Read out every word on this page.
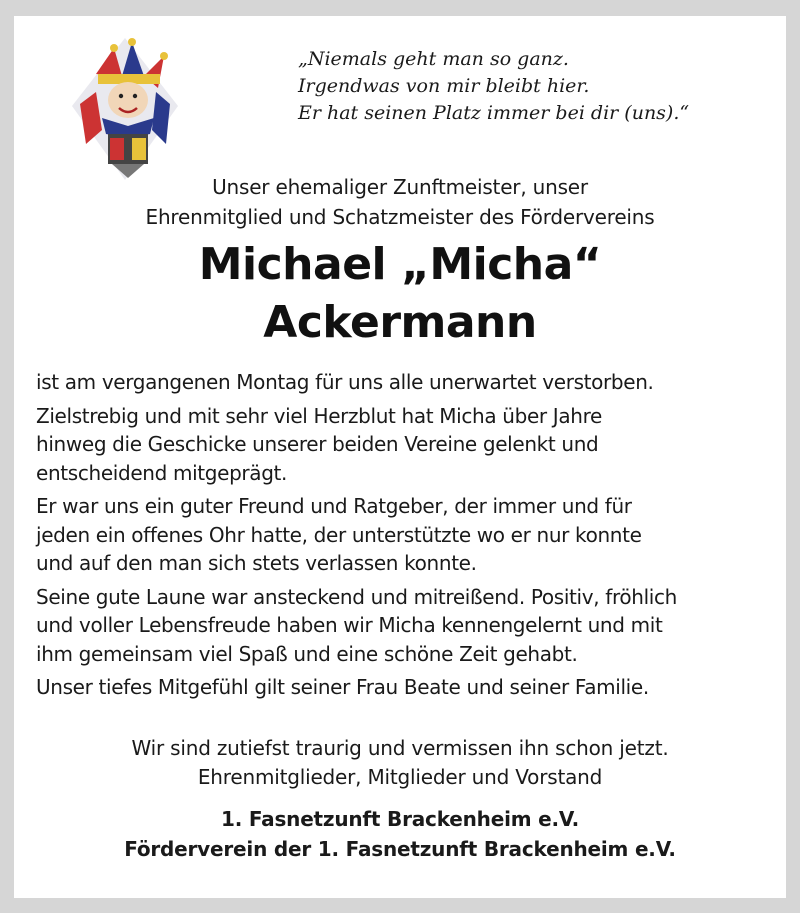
„Niemals geht man so ganz.
Irgendwas von mir bleibt hier.
Er hat seinen Platz immer bei dir (uns).“
Unser ehemaliger Zunftmeister, unser
Ehrenmitglied und Schatzmeister des Fördervereins
Michael „Micha“
Ackermann

ist am vergangenen Montag für uns alle unerwartet verstorben.

Zielstrebig und mit sehr viel Herzblut hat Micha über Jahre
hinweg die Geschicke unserer beiden Vereine gelenkt und
entscheidend mitgeprägt.

Er war uns ein guter Freund und Ratgeber, der immer und für
jeden ein offenes Ohr hatte, der unterstützte wo er nur konnte
und auf den man sich stets verlassen konnte.

Seine gute Laune war ansteckend und mitreißend. Positiv, fröhlich
und voller Lebensfreude haben wir Micha kennengelernt und mit
ihm gemeinsam viel Spaß und eine schöne Zeit gehabt.

Unser tiefes Mitgefühl gilt seiner Frau Beate und seiner Familie.

Wir sind zutiefst traurig und vermissen ihn schon jetzt.
Ehrenmitglieder, Mitglieder und Vorstand
1. Fasnetzunft Brackenheim e.V.
Förderverein der 1. Fasnetzunft Brackenheim e.V.
